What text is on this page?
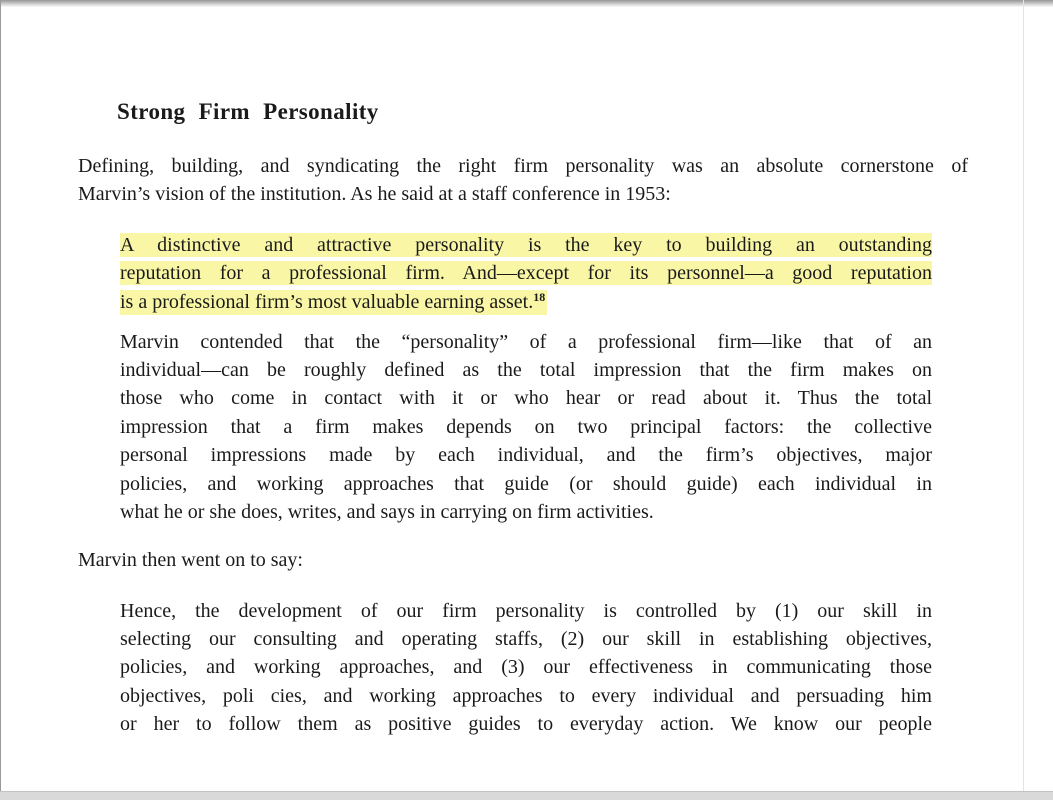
Strong Firm Personality
Defining, building, and syndicating the right firm personality was an absolute cornerstone of
Marvin’s vision of the institution. As he said at a staff conference in 1953:
A distinctive and attractive personality is the key to building an outstanding
reputation for a professional firm. And—except for its personnel—a good reputation
is a professional firm’s most valuable earning asset.$^{18}$
Marvin contended that the “personality” of a professional firm—like that of an
individual—can be roughly defined as the total impression that the firm makes on
those who come in contact with it or who hear or read about it. Thus the total
impression that a firm makes depends on two principal factors: the collective
personal impressions made by each individual, and the firm’s objectives, major
policies, and working approaches that guide (or should guide) each individual in
what he or she does, writes, and says in carrying on firm activities.
Marvin then went on to say:
Hence, the development of our firm personality is controlled by (1) our skill in
selecting our consulting and operating staffs, (2) our skill in establishing objectives,
policies, and working approaches, and (3) our effectiveness in communicating those
objectives, poli cies, and working approaches to every individual and persuading him
or her to follow them as positive guides to everyday action. We know our people
